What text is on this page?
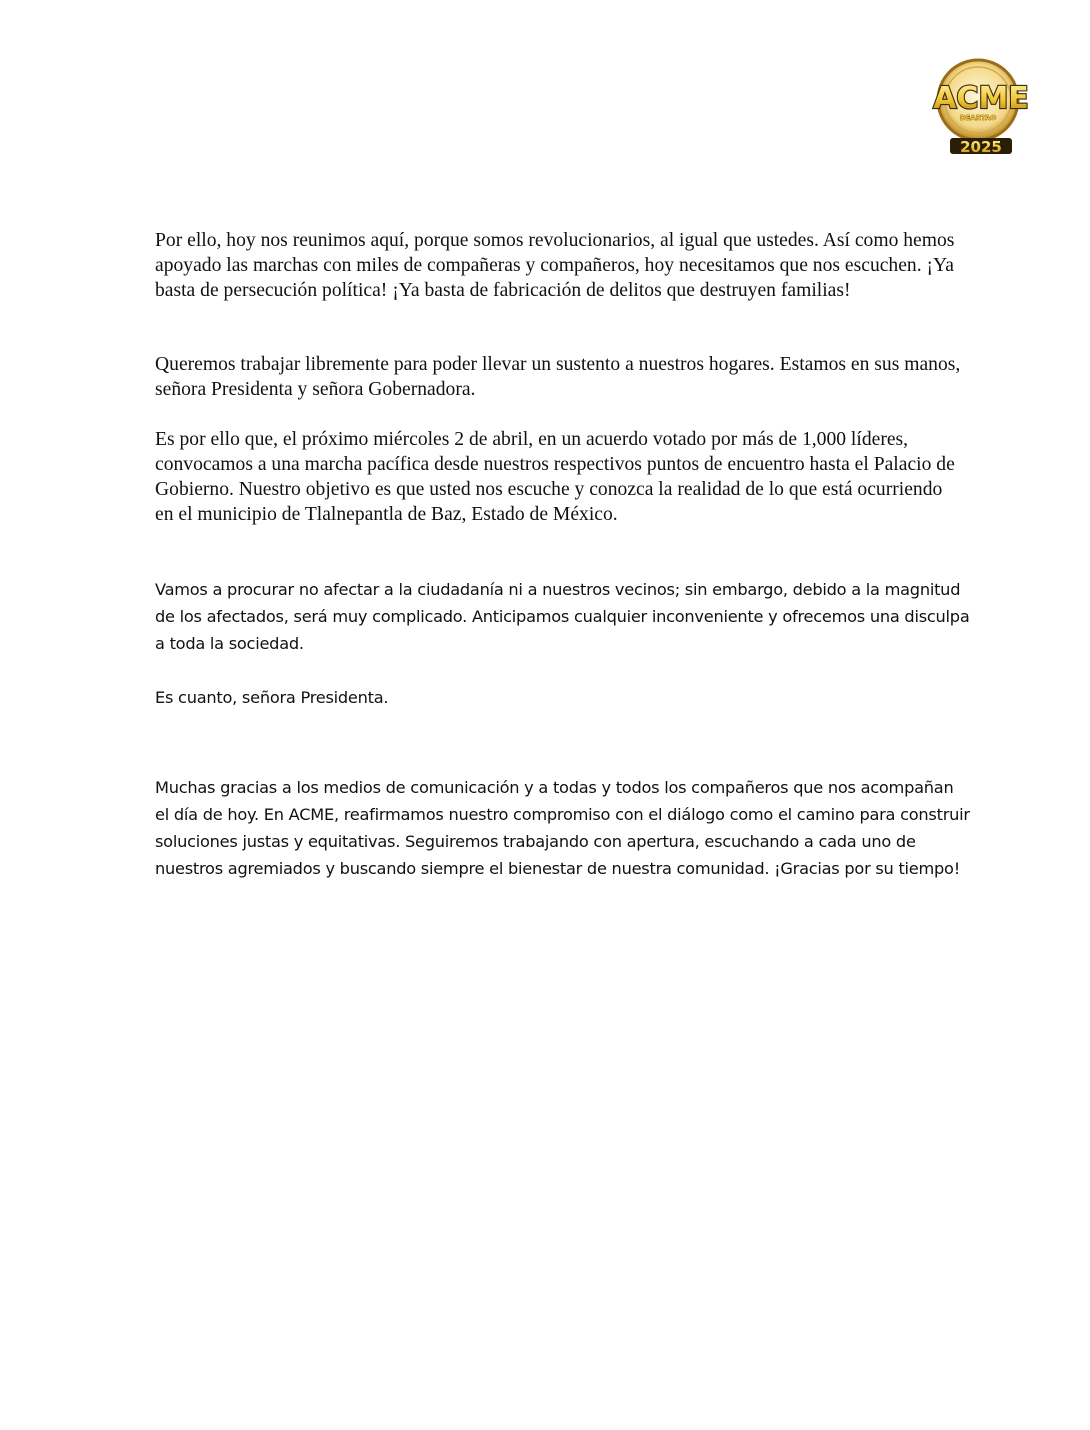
ACME
DEARTAO
2025

Por ello, hoy nos reunimos aquí, porque somos revolucionarios, al igual que ustedes. Así como hemos apoyado las marchas con miles de compañeras y compañeros, hoy necesitamos que nos escuchen. ¡Ya basta de persecución política! ¡Ya basta de fabricación de delitos que destruyen familias!

Queremos trabajar libremente para poder llevar un sustento a nuestros hogares. Estamos en sus manos, señora Presidenta y señora Gobernadora.

Es por ello que, el próximo miércoles 2 de abril, en un acuerdo votado por más de 1,000 líderes, convocamos a una marcha pacífica desde nuestros respectivos puntos de encuentro hasta el Palacio de Gobierno. Nuestro objetivo es que usted nos escuche y conozca la realidad de lo que está ocurriendo en el municipio de Tlalnepantla de Baz, Estado de México.

Vamos a procurar no afectar a la ciudadanía ni a nuestros vecinos; sin embargo, debido a la magnitud de los afectados, será muy complicado. Anticipamos cualquier inconveniente y ofrecemos una disculpa a toda la sociedad.

Es cuanto, señora Presidenta.

Muchas gracias a los medios de comunicación y a todas y todos los compañeros que nos acompañan el día de hoy. En ACME, reafirmamos nuestro compromiso con el diálogo como el camino para construir soluciones justas y equitativas. Seguiremos trabajando con apertura, escuchando a cada uno de nuestros agremiados y buscando siempre el bienestar de nuestra comunidad. ¡Gracias por su tiempo!
